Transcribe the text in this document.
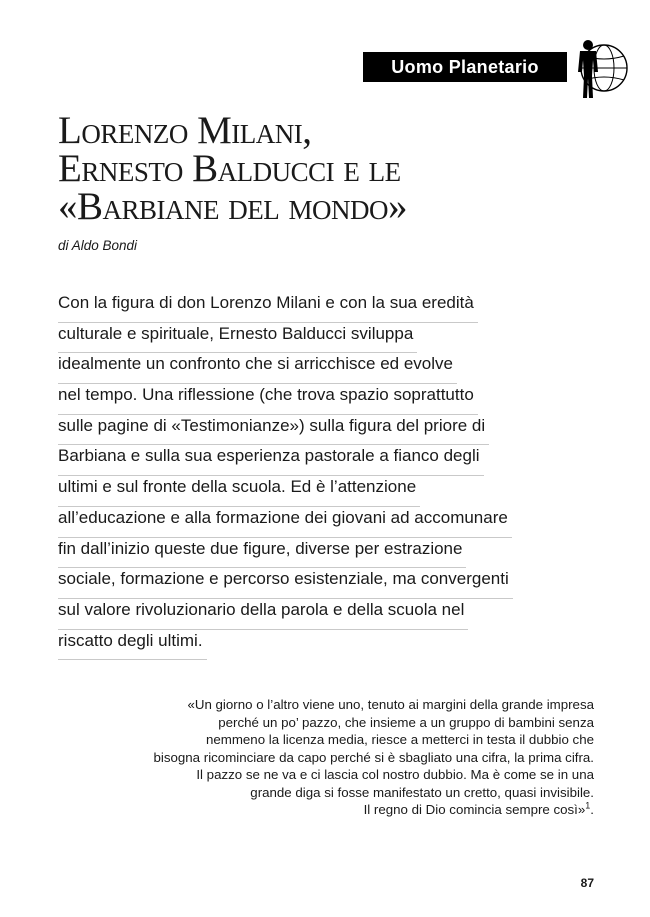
Uomo Planetario
Lorenzo Milani,
Ernesto Balducci e le
«Barbiane del mondo»
di Aldo Bondi
Con la figura di don Lorenzo Milani e con la sua eredità
culturale e spirituale, Ernesto Balducci sviluppa
idealmente un confronto che si arricchisce ed evolve
nel tempo. Una riflessione (che trova spazio soprattutto
sulle pagine di «Testimonianze») sulla figura del priore di
Barbiana e sulla sua esperienza pastorale a fianco degli
ultimi e sul fronte della scuola. Ed è l’attenzione
all’educazione e alla formazione dei giovani ad accomunare
fin dall’inizio queste due figure, diverse per estrazione
sociale, formazione e percorso esistenziale, ma convergenti
sul valore rivoluzionario della parola e della scuola nel
riscatto degli ultimi.
«Un giorno o l’altro viene uno, tenuto ai margini della grande impresa
perché un po’ pazzo, che insieme a un gruppo di bambini senza
nemmeno la licenza media, riesce a metterci in testa il dubbio che
bisogna ricominciare da capo perché si è sbagliato una cifra, la prima cifra.
Il pazzo se ne va e ci lascia col nostro dubbio. Ma è come se in una
grande diga si fosse manifestato un cretto, quasi invisibile.
Il regno di Dio comincia sempre così»$^1$.
87
